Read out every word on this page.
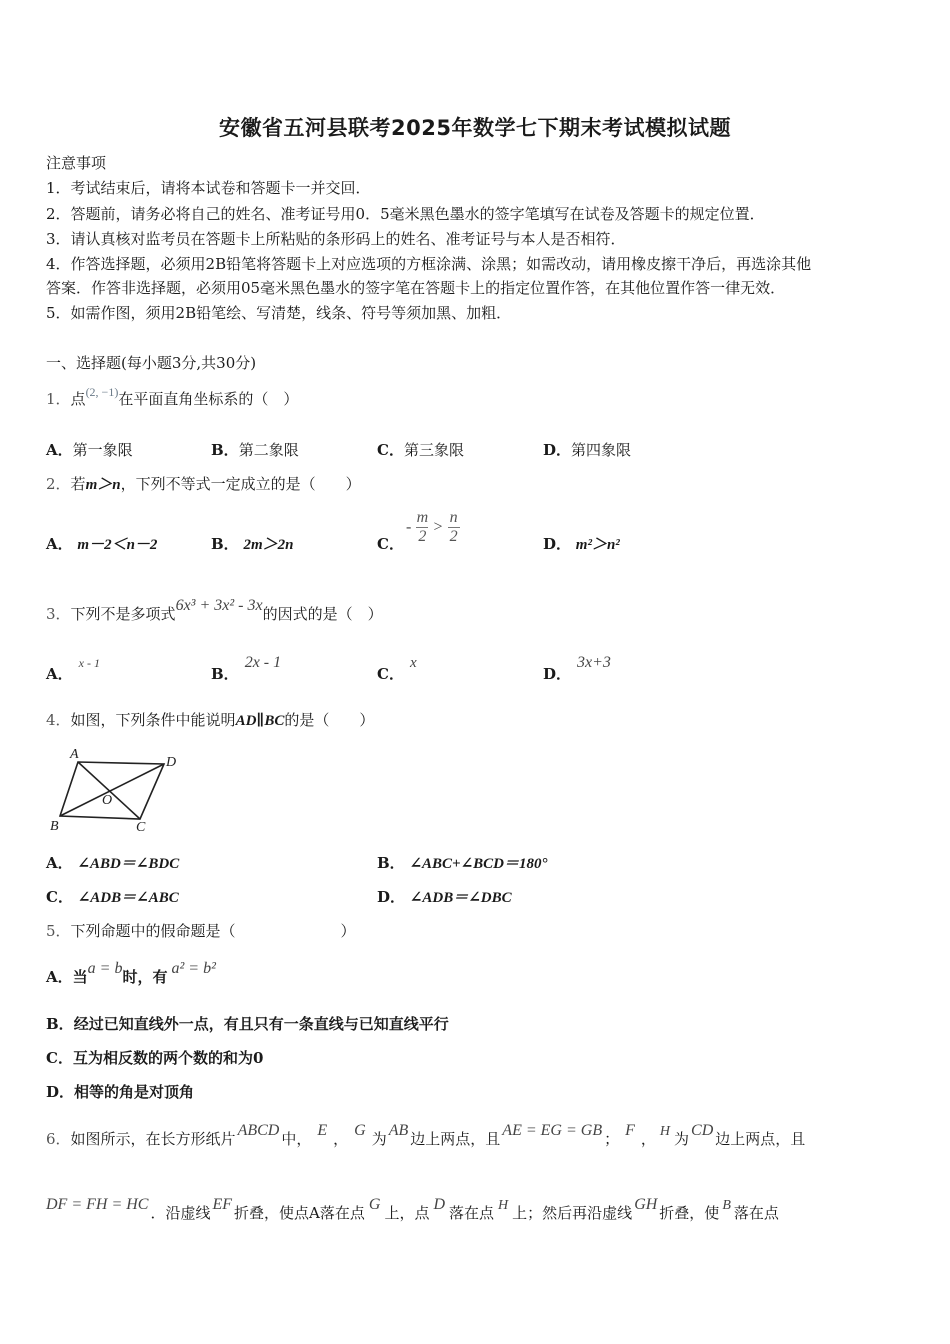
安徽省五河县联考2025年数学七下期末考试模拟试题
注意事项
1．考试结束后，请将本试卷和答题卡一并交回．
2．答题前，请务必将自己的姓名、准考证号用0．5毫米黑色墨水的签字笔填写在试卷及答题卡的规定位置．
3．请认真核对监考员在答题卡上所粘贴的条形码上的姓名、准考证号与本人是否相符．
4．作答选择题，必须用2B铅笔将答题卡上对应选项的方框涂满、涂黑；如需改动，请用橡皮擦干净后，再选涂其他
答案．作答非选择题，必须用05毫米黑色墨水的签字笔在答题卡上的指定位置作答，在其他位置作答一律无效．
5．如需作图，须用2B铅笔绘、写清楚，线条、符号等须加黑、加粗．
一、选择题(每小题3分,共30分)
1．点$^{(2, -1)}$在平面直角坐标系的（　）
A．第一象限	B．第二象限	C．第三象限	D．第四象限
2．若m＞n，下列不等式一定成立的是（　　）
A． m－2＜n－2	B． 2m＞2n	C．
- $\frac{m}{2} > \frac{n}{2}$	D． m²＞n²
3．下列不是多项式6x³ + 3x² - 3x的因式的是（　）
A．$^{x - 1}$
B．2x - 1
C．x
D．3x+3
4．如图，下列条件中能说明AD∥BC的是（　　）
A
D
B	C
O
A． ∠ABD＝∠BDC	B． ∠ABC+∠BCD＝180°
C． ∠ADB＝∠ABC	D． ∠ADB＝∠DBC
5．下列命题中的假命题是（　　　　　　　）
A．当a = b时，有 a² = b²
B．经过已知直线外一点，有且只有一条直线与已知直线平行
C．互为相反数的两个数的和为0
D．相等的角是对顶角
6．如图所示，在长方形纸片 ABCD 中， E ， G 为 AB 边上两点，且 AE = EG = GB ； F ， H 为 CD 边上两点，且
DF = FH = HC ．沿虚线 EF 折叠，使点A落在点 G 上，点 D 落在点 H 上；然后再沿虚线 GH 折叠，使 B 落在点
